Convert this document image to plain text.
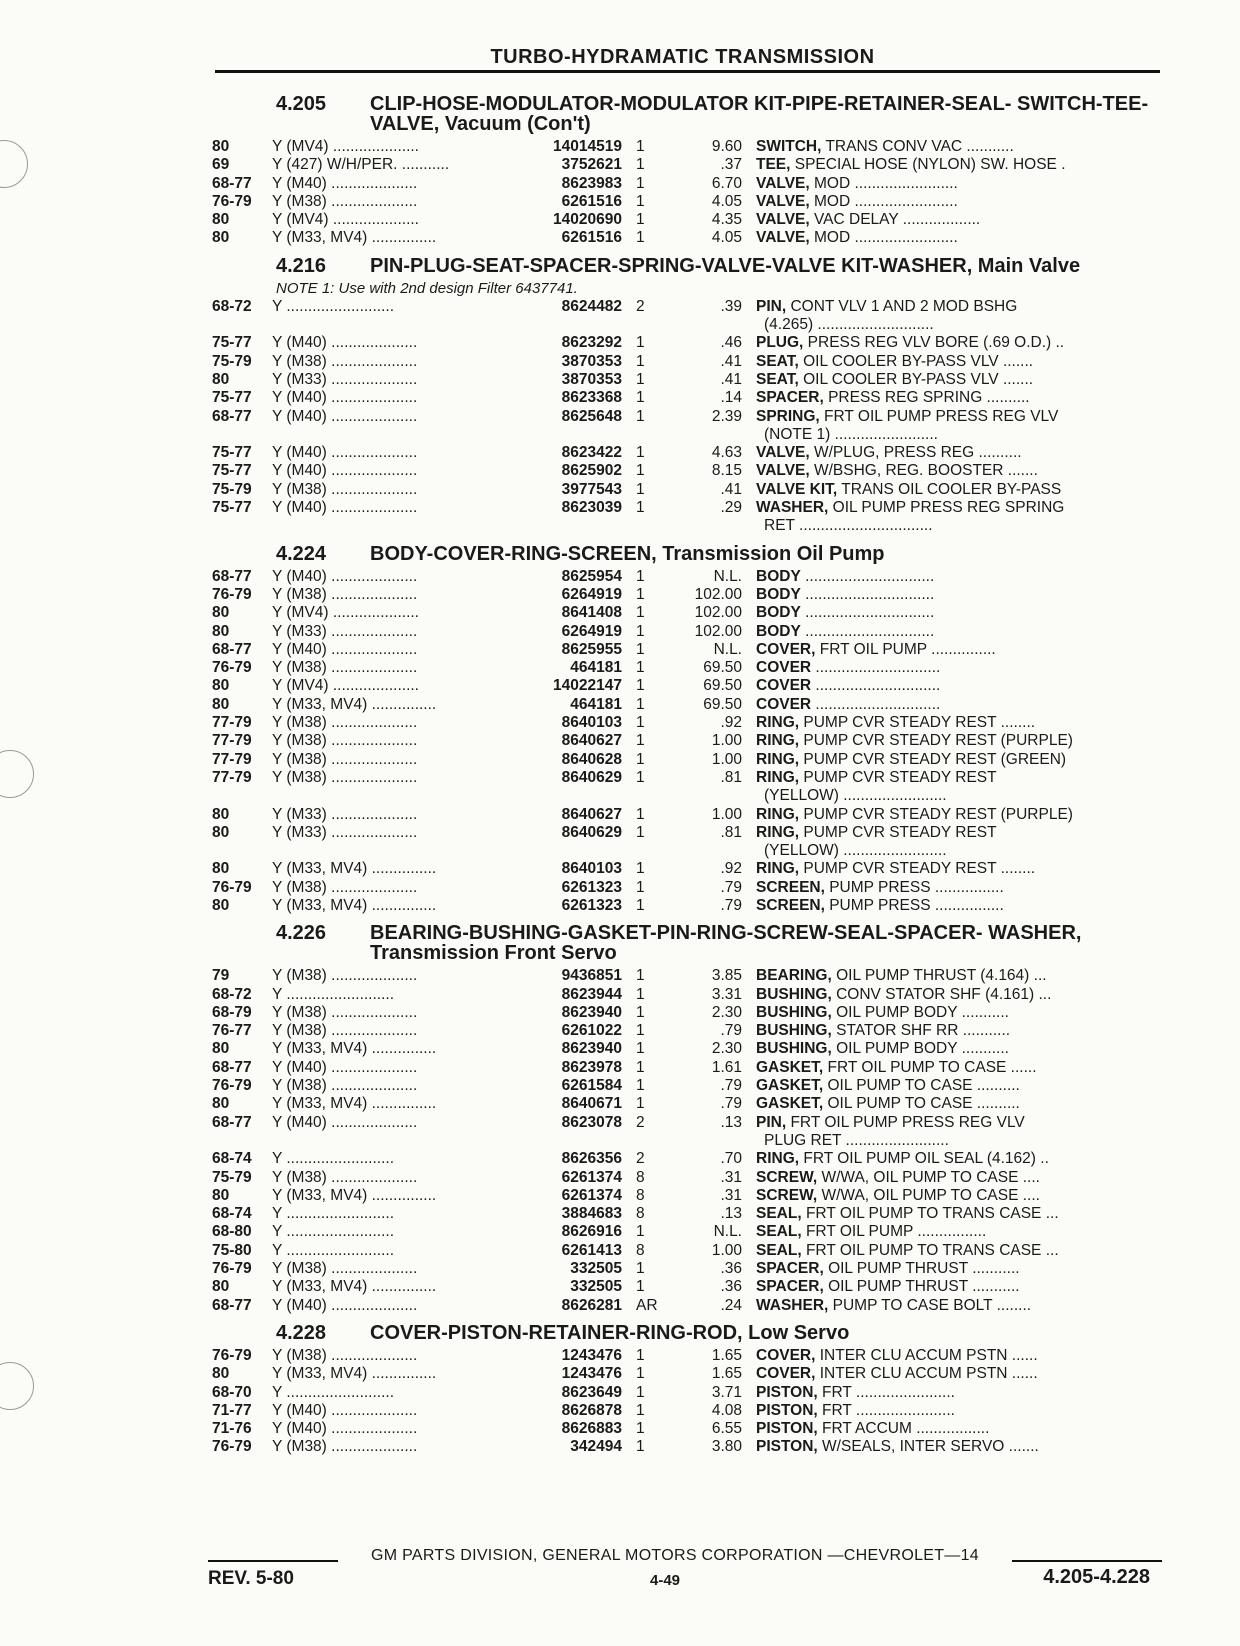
TURBO-HYDRAMATIC TRANSMISSION
4.205	CLIP-HOSE-MODULATOR-MODULATOR KIT-PIPE-RETAINER-SEAL- SWITCH-TEE-VALVE, Vacuum (Con't)
80	Y (MV4) ....................	14014519 1	9.60 SWITCH, TRANS CONV VAC ...........
69	Y (427) W/H/PER. ...........	3752621 1	.37 TEE, SPECIAL HOSE (NYLON) SW. HOSE .
68-77	Y (M40) ....................	8623983 1	6.70 VALVE, MOD ........................
76-79	Y (M38) ....................	6261516 1	4.05 VALVE, MOD ........................
80	Y (MV4) ....................	14020690 1	4.35 VALVE, VAC DELAY ..................
80	Y (M33, MV4) ...............	6261516 1	4.05 VALVE, MOD ........................
4.216	PIN-PLUG-SEAT-SPACER-SPRING-VALVE-VALVE KIT-WASHER, Main Valve
NOTE 1: Use with 2nd design Filter 6437741.
68-72	Y .........................	8624482 2	.39 PIN, CONT VLV 1 AND 2 MOD BSHG
(4.265) ...........................
75-77	Y (M40) ....................	8623292 1	.46 PLUG, PRESS REG VLV BORE (.69 O.D.) ..
75-79	Y (M38) ....................	3870353 1	.41 SEAT, OIL COOLER BY-PASS VLV .......
80	Y (M33) ....................	3870353 1	.41 SEAT, OIL COOLER BY-PASS VLV .......
75-77	Y (M40) ....................	8623368 1	.14 SPACER, PRESS REG SPRING ..........
68-77	Y (M40) ....................	8625648 1	2.39 SPRING, FRT OIL PUMP PRESS REG VLV
(NOTE 1) ........................
75-77	Y (M40) ....................	8623422 1	4.63 VALVE, W/PLUG, PRESS REG ..........
75-77	Y (M40) ....................	8625902 1	8.15 VALVE, W/BSHG, REG. BOOSTER .......
75-79	Y (M38) ....................	3977543 1	.41 VALVE KIT, TRANS OIL COOLER BY-PASS
75-77	Y (M40) ....................	8623039 1	.29 WASHER, OIL PUMP PRESS REG SPRING
RET ...............................
4.224	BODY-COVER-RING-SCREEN, Transmission Oil Pump
68-77	Y (M40) ....................	8625954 1	N.L. BODY ..............................
76-79	Y (M38) ....................	6264919 1	102.00 BODY ..............................
80	Y (MV4) ....................	8641408 1	102.00 BODY ..............................
80	Y (M33) ....................	6264919 1	102.00 BODY ..............................
68-77	Y (M40) ....................	8625955 1	N.L. COVER, FRT OIL PUMP ...............
76-79	Y (M38) ....................	464181 1	69.50 COVER .............................
80	Y (MV4) ....................	14022147 1	69.50 COVER .............................
80	Y (M33, MV4) ...............	464181 1	69.50 COVER .............................
77-79	Y (M38) ....................	8640103 1	.92 RING, PUMP CVR STEADY REST ........
77-79	Y (M38) ....................	8640627 1	1.00 RING, PUMP CVR STEADY REST (PURPLE)
77-79	Y (M38) ....................	8640628 1	1.00 RING, PUMP CVR STEADY REST (GREEN)
77-79	Y (M38) ....................	8640629 1	.81 RING, PUMP CVR STEADY REST
(YELLOW) ........................
80	Y (M33) ....................	8640627 1	1.00 RING, PUMP CVR STEADY REST (PURPLE)
80	Y (M33) ....................	8640629 1	.81 RING, PUMP CVR STEADY REST
(YELLOW) ........................
80	Y (M33, MV4) ...............	8640103 1	.92 RING, PUMP CVR STEADY REST ........
76-79	Y (M38) ....................	6261323 1	.79 SCREEN, PUMP PRESS ................
80	Y (M33, MV4) ...............	6261323 1	.79 SCREEN, PUMP PRESS ................
4.226	BEARING-BUSHING-GASKET-PIN-RING-SCREW-SEAL-SPACER- WASHER, Transmission Front Servo
79	Y (M38) ....................	9436851 1	3.85 BEARING, OIL PUMP THRUST (4.164) ...
68-72	Y .........................	8623944 1	3.31 BUSHING, CONV STATOR SHF (4.161) ...
68-79	Y (M38) ....................	8623940 1	2.30 BUSHING, OIL PUMP BODY ...........
76-77	Y (M38) ....................	6261022 1	.79 BUSHING, STATOR SHF RR ...........
80	Y (M33, MV4) ...............	8623940 1	2.30 BUSHING, OIL PUMP BODY ...........
68-77	Y (M40) ....................	8623978 1	1.61 GASKET, FRT OIL PUMP TO CASE ......
76-79	Y (M38) ....................	6261584 1	.79 GASKET, OIL PUMP TO CASE ..........
80	Y (M33, MV4) ...............	8640671 1	.79 GASKET, OIL PUMP TO CASE ..........
68-77	Y (M40) ....................	8623078 2	.13 PIN, FRT OIL PUMP PRESS REG VLV
PLUG RET ........................
68-74	Y .........................	8626356 2	.70 RING, FRT OIL PUMP OIL SEAL (4.162) ..
75-79	Y (M38) ....................	6261374 8	.31 SCREW, W/WA, OIL PUMP TO CASE ....
80	Y (M33, MV4) ...............	6261374 8	.31 SCREW, W/WA, OIL PUMP TO CASE ....
68-74	Y .........................	3884683 8	.13 SEAL, FRT OIL PUMP TO TRANS CASE ...
68-80	Y .........................	8626916 1	N.L. SEAL, FRT OIL PUMP ................
75-80	Y .........................	6261413 8	1.00 SEAL, FRT OIL PUMP TO TRANS CASE ...
76-79	Y (M38) ....................	332505 1	.36 SPACER, OIL PUMP THRUST ...........
80	Y (M33, MV4) ...............	332505 1	.36 SPACER, OIL PUMP THRUST ...........
68-77	Y (M40) ....................	8626281 AR	.24 WASHER, PUMP TO CASE BOLT ........
4.228	COVER-PISTON-RETAINER-RING-ROD, Low Servo
76-79	Y (M38) ....................	1243476 1	1.65 COVER, INTER CLU ACCUM PSTN ......
80	Y (M33, MV4) ...............	1243476 1	1.65 COVER, INTER CLU ACCUM PSTN ......
68-70	Y .........................	8623649 1	3.71 PISTON, FRT .......................
71-77	Y (M40) ....................	8626878 1	4.08 PISTON, FRT .......................
71-76	Y (M40) ....................	8626883 1	6.55 PISTON, FRT ACCUM .................
76-79	Y (M38) ....................	342494 1	3.80 PISTON, W/SEALS, INTER SERVO .......
GM PARTS DIVISION, GENERAL MOTORS CORPORATION —CHEVROLET—14
REV. 5-80	4-49	4.205-4.228
